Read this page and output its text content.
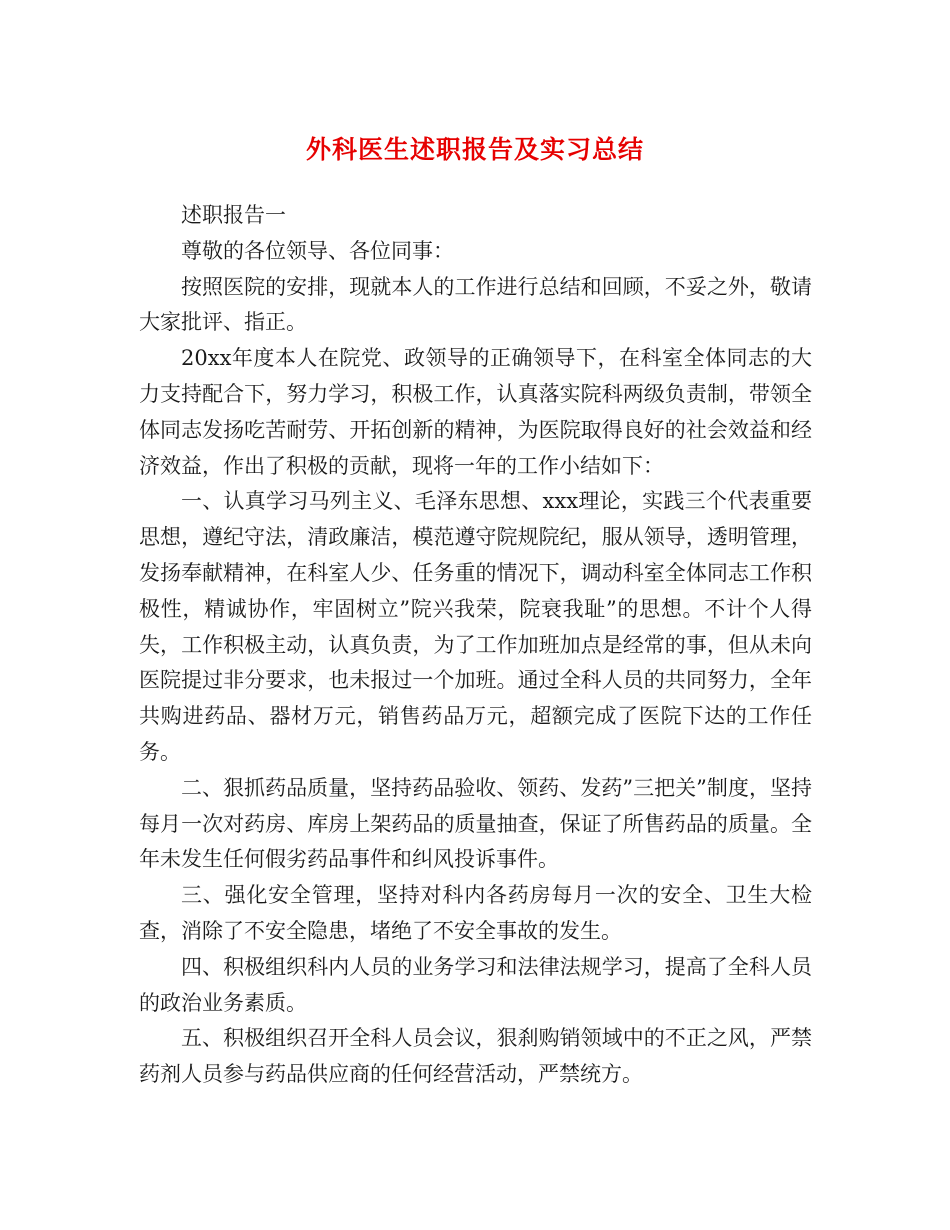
外科医生述职报告及实习总结

述职报告一

尊敬的各位领导、各位同事：

按照医院的安排，现就本人的工作进行总结和回顾，不妥之外，敬请大家批评、指正。

20xx年度本人在院党、政领导的正确领导下，在科室全体同志的大力支持配合下，努力学习，积极工作，认真落实院科两级负责制，带领全体同志发扬吃苦耐劳、开拓创新的精神，为医院取得良好的社会效益和经济效益，作出了积极的贡献，现将一年的工作小结如下：

一、认真学习马列主义、毛泽东思想、xxx理论，实践三个代表重要思想，遵纪守法，清政廉洁，模范遵守院规院纪，服从领导，透明管理，发扬奉献精神，在科室人少、任务重的情况下，调动科室全体同志工作积极性，精诚协作，牢固树立”院兴我荣，院衰我耻”的思想。不计个人得失，工作积极主动，认真负责，为了工作加班加点是经常的事，但从未向医院提过非分要求，也未报过一个加班。通过全科人员的共同努力，全年共购进药品、器材万元，销售药品万元，超额完成了医院下达的工作任务。

二、狠抓药品质量，坚持药品验收、领药、发药”三把关”制度，坚持每月一次对药房、库房上架药品的质量抽查，保证了所售药品的质量。全年未发生任何假劣药品事件和纠风投诉事件。

三、强化安全管理，坚持对科内各药房每月一次的安全、卫生大检查，消除了不安全隐患，堵绝了不安全事故的发生。

四、积极组织科内人员的业务学习和法律法规学习，提高了全科人员的政治业务素质。

五、积极组织召开全科人员会议，狠刹购销领域中的不正之风，严禁药剂人员参与药品供应商的任何经营活动，严禁统方。
